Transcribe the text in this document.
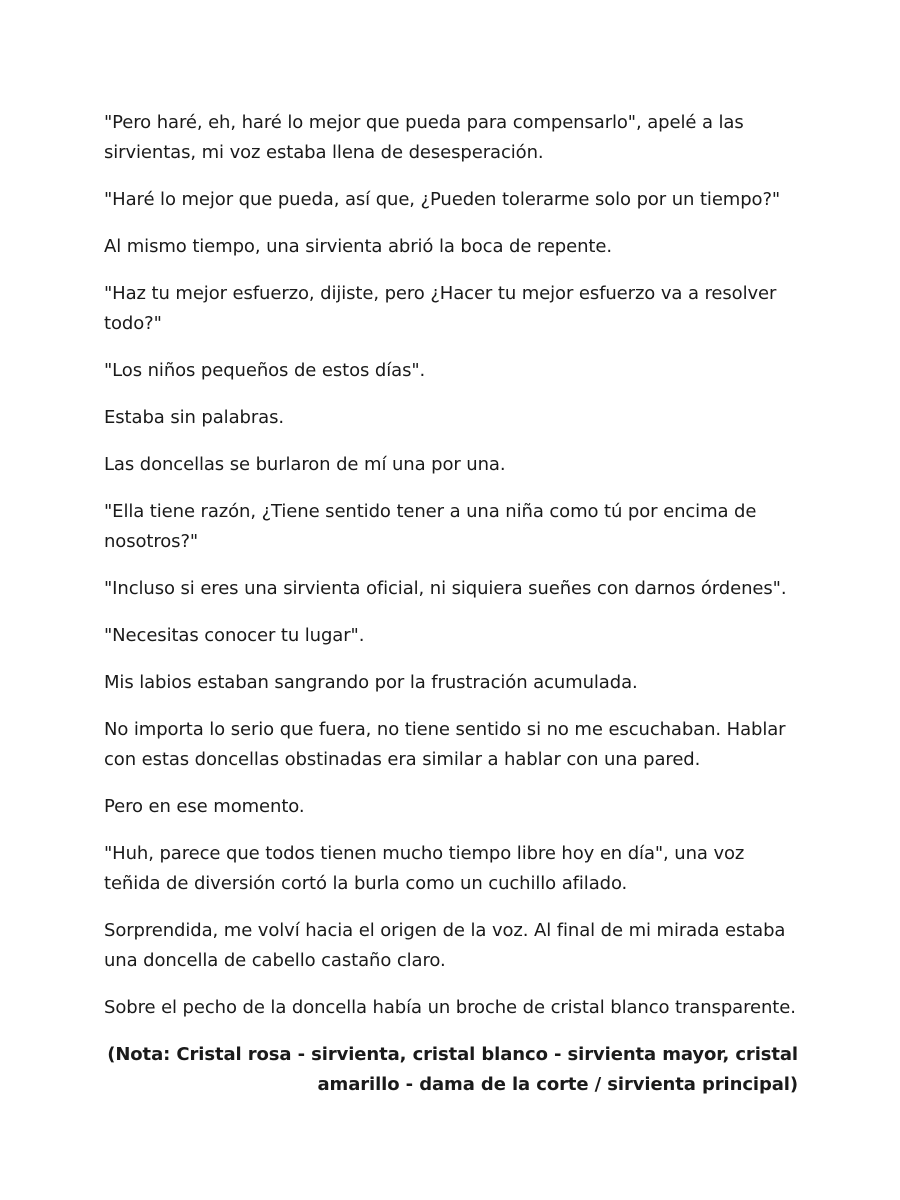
"Pero haré, eh, haré lo mejor que pueda para compensarlo", apelé a las sirvientas, mi voz estaba llena de desesperación.

"Haré lo mejor que pueda, así que, ¿Pueden tolerarme solo por un tiempo?"

Al mismo tiempo, una sirvienta abrió la boca de repente.

"Haz tu mejor esfuerzo, dijiste, pero ¿Hacer tu mejor esfuerzo va a resolver todo?"

"Los niños pequeños de estos días".

Estaba sin palabras.

Las doncellas se burlaron de mí una por una.

"Ella tiene razón, ¿Tiene sentido tener a una niña como tú por encima de nosotros?"

"Incluso si eres una sirvienta oficial, ni siquiera sueñes con darnos órdenes".

"Necesitas conocer tu lugar".

Mis labios estaban sangrando por la frustración acumulada.

No importa lo serio que fuera, no tiene sentido si no me escuchaban. Hablar con estas doncellas obstinadas era similar a hablar con una pared.

Pero en ese momento.

"Huh, parece que todos tienen mucho tiempo libre hoy en día", una voz teñida de diversión cortó la burla como un cuchillo afilado.

Sorprendida, me volví hacia el origen de la voz. Al final de mi mirada estaba una doncella de cabello castaño claro.

Sobre el pecho de la doncella había un broche de cristal blanco transparente.

(Nota: Cristal rosa - sirvienta, cristal blanco - sirvienta mayor, cristal amarillo - dama de la corte / sirvienta principal)
